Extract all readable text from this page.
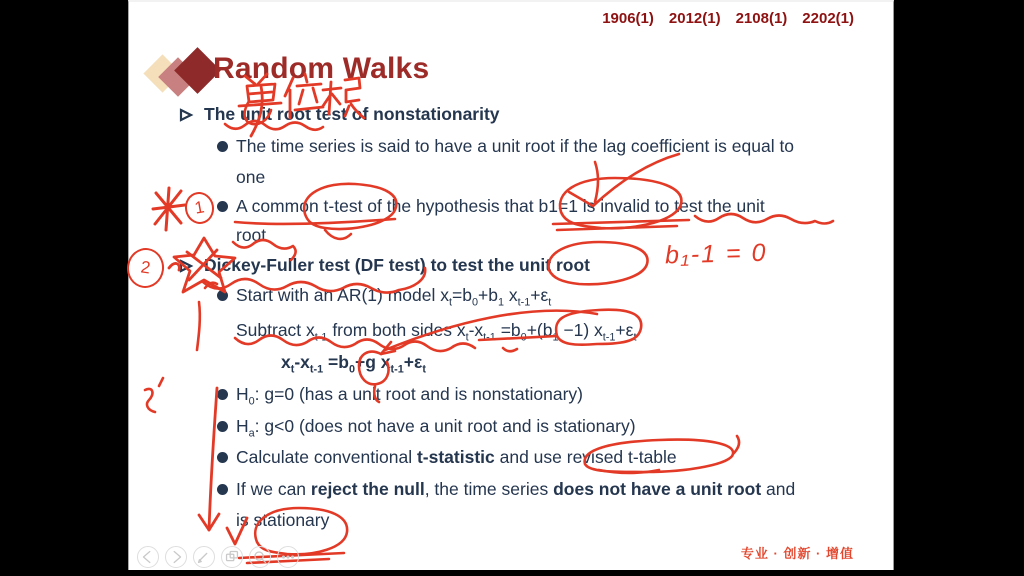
1906(1) 2012(1) 2108(1) 2202(1)
Random Walks
The unit root test of nonstationarity
The time series is said to have a unit root if the lag coefficient is equal to
one
A common t-test of the hypothesis that b1=1 is invalid to test the unit
root
Dickey-Fuller test (DF test) to test the unit root
Start with an AR(1) model $x_t=b_0+b_1$ $x_{t-1}+\varepsilon_t$
Subtract $x_{t-1}$ from both sides $x_t-x_{t-1} =b_0+(b_1 -1)$ $x_{t-1}+\varepsilon_t$
$x_t-x_{t-1} =b_0+g$ $x_{t-1}+\varepsilon_t$
$H_0$: g=0 (has a unit root and is nonstationary)
$H_a$: g<0 (does not have a unit root and is stationary)
Calculate conventional t-statistic and use revised t-table
If we can reject the null, the time series does not have a unit root and
is stationary
1
2	b₁-1 = 0
专业 · 创新 · 增值
